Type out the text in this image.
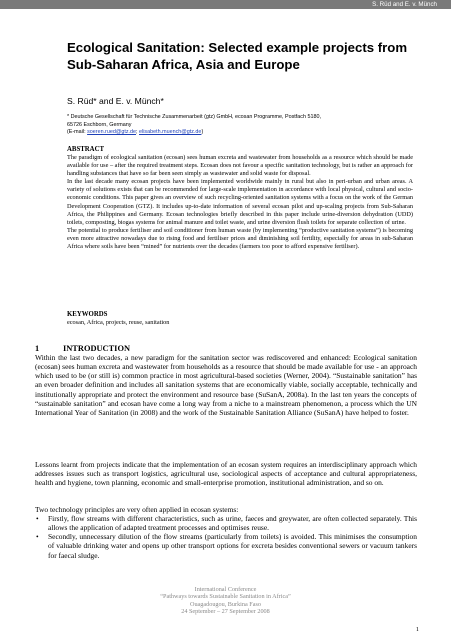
S. Rüd and E. v. Münch
Ecological Sanitation: Selected example projects from Sub-Saharan Africa, Asia and Europe
S. Rüd* and E. v. Münch*
* Deutsche Gesellschaft für Technische Zusammenarbeit (gtz) GmbH, ecosan Programme, Postfach 5180,
65726 Eschborn, Germany
(E-mail: soeren.rued@gtz.de; elisabeth.muench@gtz.de)
ABSTRACT

The paradigm of ecological sanitation (ecosan) sees human excreta and wastewater from households as a resource which should be made available for use – after the required treatment steps. Ecosan does not favour a specific sanitation technology, but is rather an approach for handling substances that have so far been seen simply as wastewater and solid waste for disposal.

In the last decade many ecosan projects have been implemented worldwide mainly in rural but also in peri-urban and urban areas. A variety of solutions exists that can be recommended for large-scale implementation in accordance with local physical, cultural and socio-economic conditions. This paper gives an overview of such recycling-oriented sanitation systems with a focus on the work of the German Development Cooperation (GTZ). It includes up-to-date information of several ecosan pilot and up-scaling projects from Sub-Saharan Africa, the Philippines and Germany. Ecosan technologies briefly described in this paper include urine-diversion dehydration (UDD) toilets, composting, biogas systems for animal manure and toilet waste, and urine diversion flush toilets for separate collection of urine.

The potential to produce fertiliser and soil conditioner from human waste (by implementing “productive sanitation systems”) is becoming even more attractive nowadays due to rising food and fertiliser prices and diminishing soil fertility, especially for areas in sub-Saharan Africa where soils have been “mined” for nutrients over the decades (farmers too poor to afford expensive fertiliser).

KEYWORDS
ecosan, Africa, projects, reuse, sanitation
1	INTRODUCTION

Within the last two decades, a new paradigm for the sanitation sector was rediscovered and enhanced: Ecological sanitation (ecosan) sees human excreta and wastewater from households as a resource that should be made available for use - an approach which used to be (or still is) common practice in most agricultural-based societies (Werner, 2004). “Sustainable sanitation” has an even broader definition and includes all sanitation systems that are economically viable, socially acceptable, technically and institutionally appropriate and protect the environment and resource base (SuSanA, 2008a). In the last ten years the concepts of “sustainable sanitation” and ecosan have come a long way from a niche to a mainstream phenomenon, a process which the UN International Year of Sanitation (in 2008) and the work of the Sustainable Sanitation Alliance (SuSanA) have helped to foster.

Lessons learnt from projects indicate that the implementation of an ecosan system requires an interdisciplinary approach which addresses issues such as transport logistics, agricultural use, sociological aspects of acceptance and cultural appropriateness, health and hygiene, town planning, economic and small-enterprise promotion, institutional administration, and so on.

Two technology principles are very often applied in ecosan systems:

• Firstly, flow streams with different characteristics, such as urine, faeces and greywater, are often collected separately. This allows the application of adapted treatment processes and optimises reuse.
• Secondly, unnecessary dilution of the flow streams (particularly from toilets) is avoided. This minimises the consumption of valuable drinking water and opens up other transport options for excreta besides conventional sewers or vacuum tankers for faecal sludge.
International Conference
“Pathways towards Sustainable Sanitation in Africa”
Ouagadougou, Burkina Faso
24 September – 27 September 2008
1
